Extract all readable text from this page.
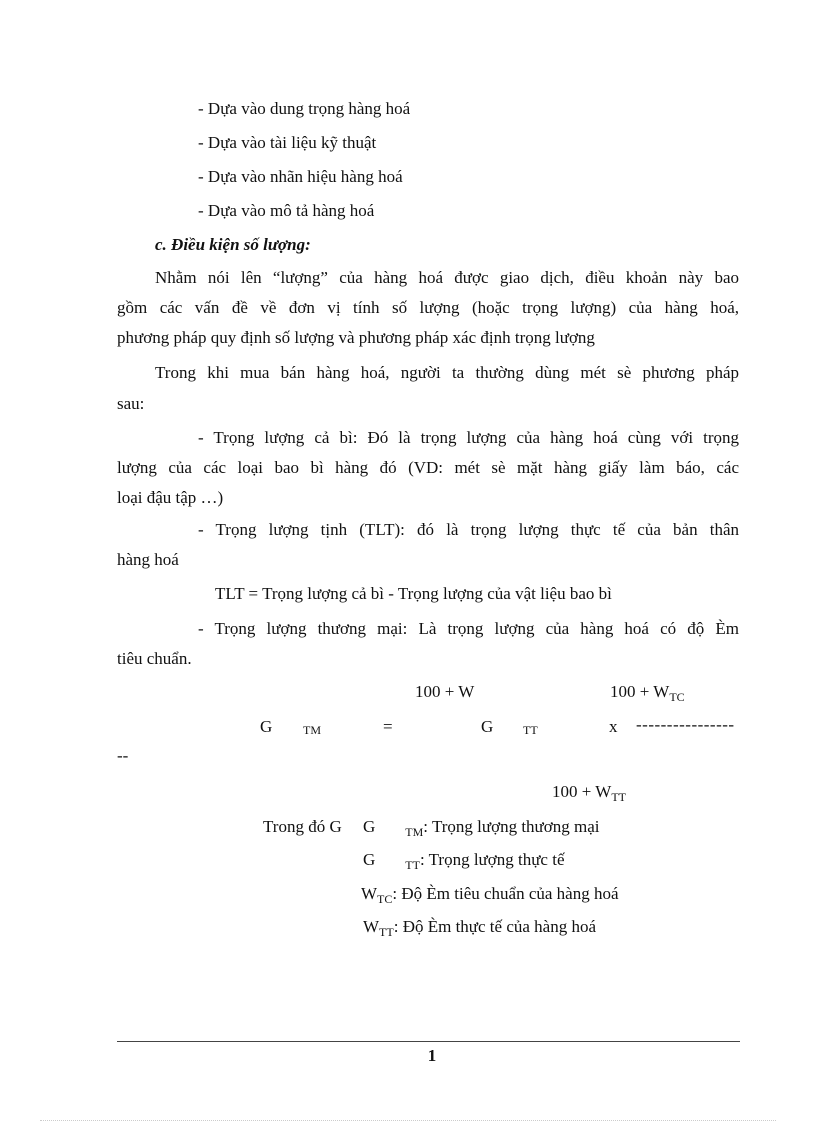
- Dựa vào dung trọng hàng hoá
- Dựa vào tài liệu kỹ thuật
- Dựa vào nhãn hiệu hàng hoá
- Dựa vào mô tả hàng hoá
c. Điều kiện số lượng:
Nhằm nói lên “lượng” của hàng hoá được giao dịch, điều khoản này bao
gồm các vấn đề về đơn vị tính số lượng (hoặc trọng lượng) của hàng hoá,
phương pháp quy định số lượng và phương pháp xác định trọng lượng
Trong khi mua bán hàng hoá, người ta thường dùng mét sè phương pháp
sau:
- Trọng lượng cả bì: Đó là trọng lượng của hàng hoá cùng với trọng
lượng của các loại bao bì hàng đó (VD: mét sè mặt hàng giấy làm báo, các
loại đậu tập …)
- Trọng lượng tịnh (TLT): đó là trọng lượng thực tế của bản thân
hàng hoá
TLT = Trọng lượng cả bì - Trọng lượng của vật liệu bao bì
- Trọng lượng thương mại: Là trọng lượng của hàng hoá có độ Èm
tiêu chuẩn.
100 + W	$100 + W_{TC}$
G	TM	=	G TT	x ----------------
--
$100 + W_{TT}$
Trong đó G G	$_{TM}$: Trọng lượng thương mại
G	$_{TT}$: Trọng lượng thực tế
$W_{TC}$: Độ Èm tiêu chuẩn của hàng hoá
$W_{TT}$: Độ Èm thực tế của hàng hoá
1
